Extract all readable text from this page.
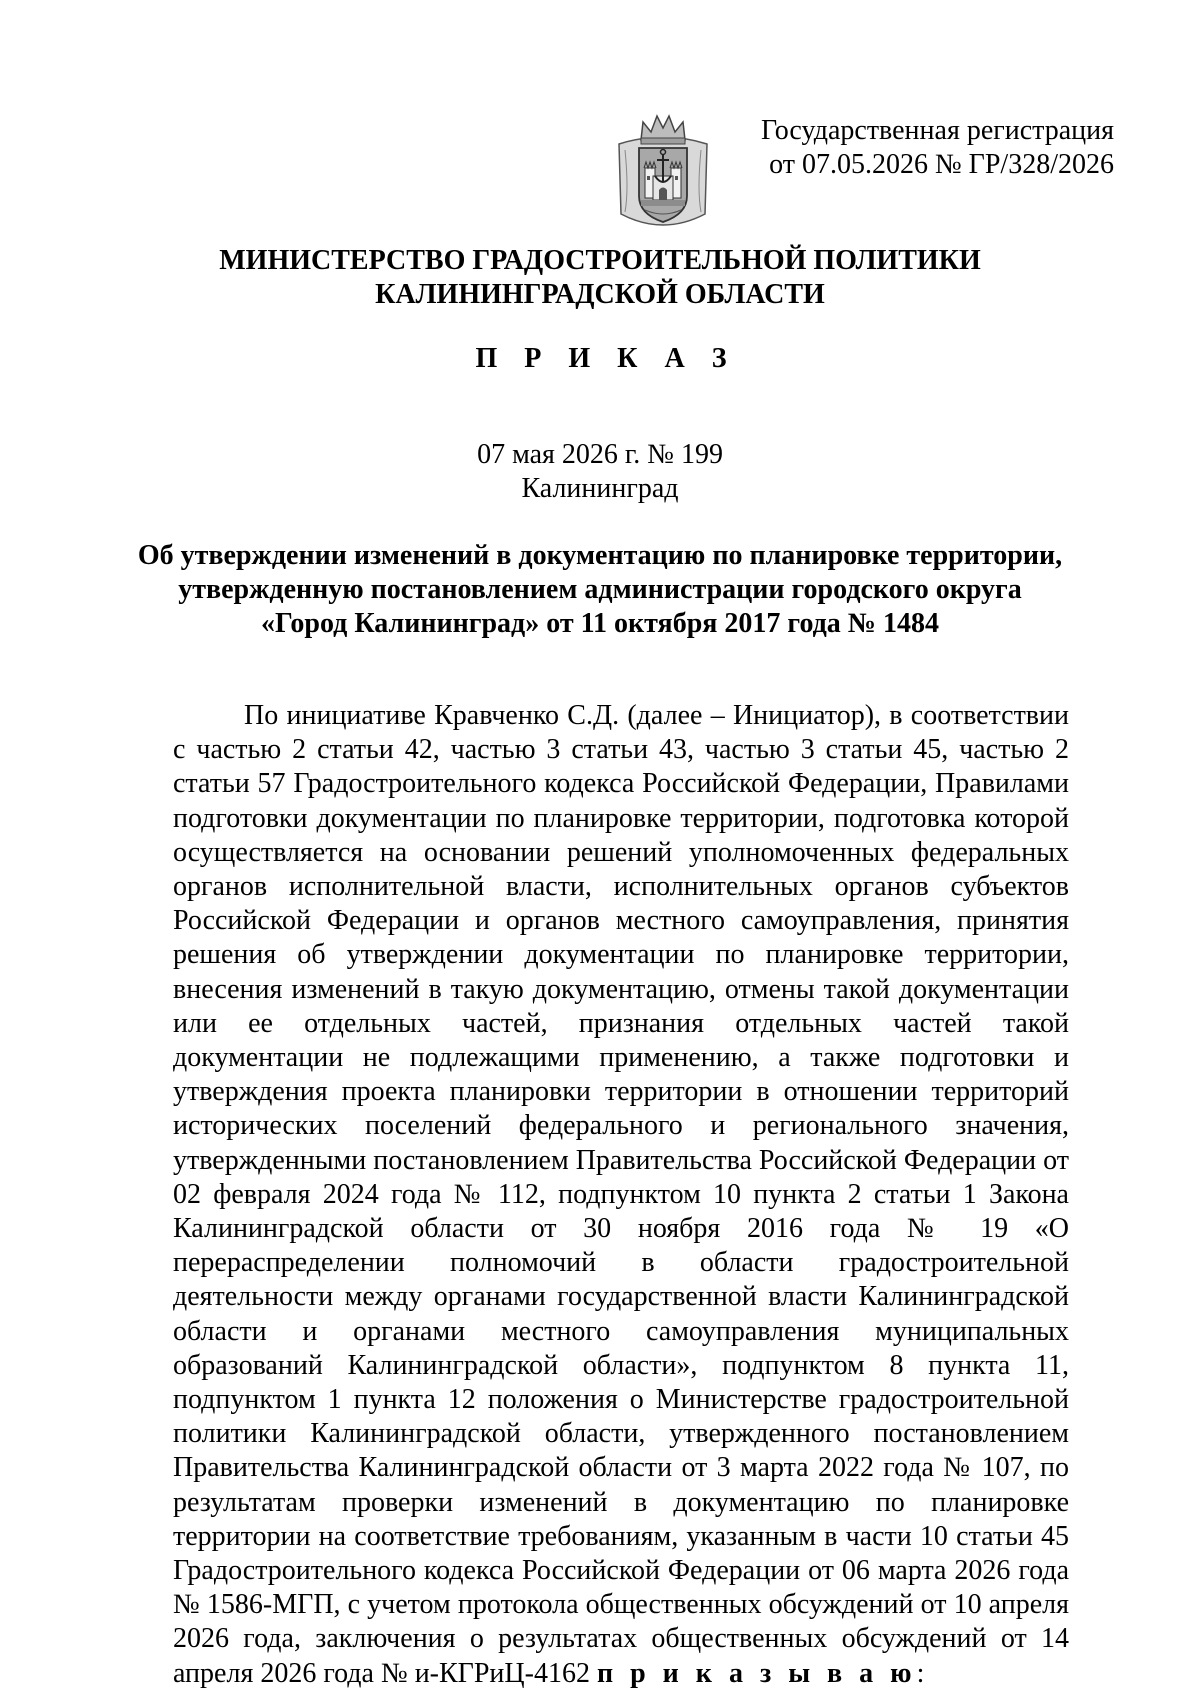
Государственная регистрация
от 07.05.2026 № ГР/328/2026
МИНИСТЕРСТВО ГРАДОСТРОИТЕЛЬНОЙ ПОЛИТИКИ
КАЛИНИНГРАДСКОЙ ОБЛАСТИ
П Р И К А З
07 мая 2026 г. № 199
Калининград
Об утверждении изменений в документацию по планировке территории,
утвержденную постановлением администрации городского округа
«Город Калининград» от 11 октября 2017 года № 1484
По инициативе Кравченко С.Д. (далее – Инициатор), в соответствии с частью 2 статьи 42, частью 3 статьи 43, частью 3 статьи 45, частью 2 статьи 57 Градостроительного кодекса Российской Федерации, Правилами подготовки документации по планировке территории, подготовка которой осуществляется на основании решений уполномоченных федеральных органов исполнительной власти, исполнительных органов субъектов Российской Федерации и органов местного самоуправления, принятия решения об утверждении документации по планировке территории, внесения изменений в такую документацию, отмены такой документации или ее отдельных частей, признания отдельных частей такой документации не подлежащими применению, а также подготовки и утверждения проекта планировки территории в отношении территорий исторических поселений федерального и регионального значения, утвержденными постановлением Правительства Российской Федерации от 02 февраля 2024 года № 112, подпунктом 10 пункта 2 статьи 1 Закона Калининградской области от 30 ноября 2016 года № 19 «О перераспределении полномочий в области градостроительной деятельности между органами государственной власти Калининградской области и органами местного самоуправления муниципальных образований Калининградской области», подпунктом 8 пункта 11, подпунктом 1 пункта 12 положения о Министерстве градостроительной политики Калининградской области, утвержденного постановлением Правительства Калининградской области от 3 марта 2022 года № 107, по результатам проверки изменений в документацию по планировке территории на соответствие требованиям, указанным в части 10 статьи 45 Градостроительного кодекса Российской Федерации от 06 марта 2026 года № 1586-МГП, с учетом протокола общественных обсуждений от 10 апреля 2026 года, заключения о результатах общественных обсуждений от 14 апреля 2026 года № и-КГРиЦ-4162 п р и к а з ы в а ю:
